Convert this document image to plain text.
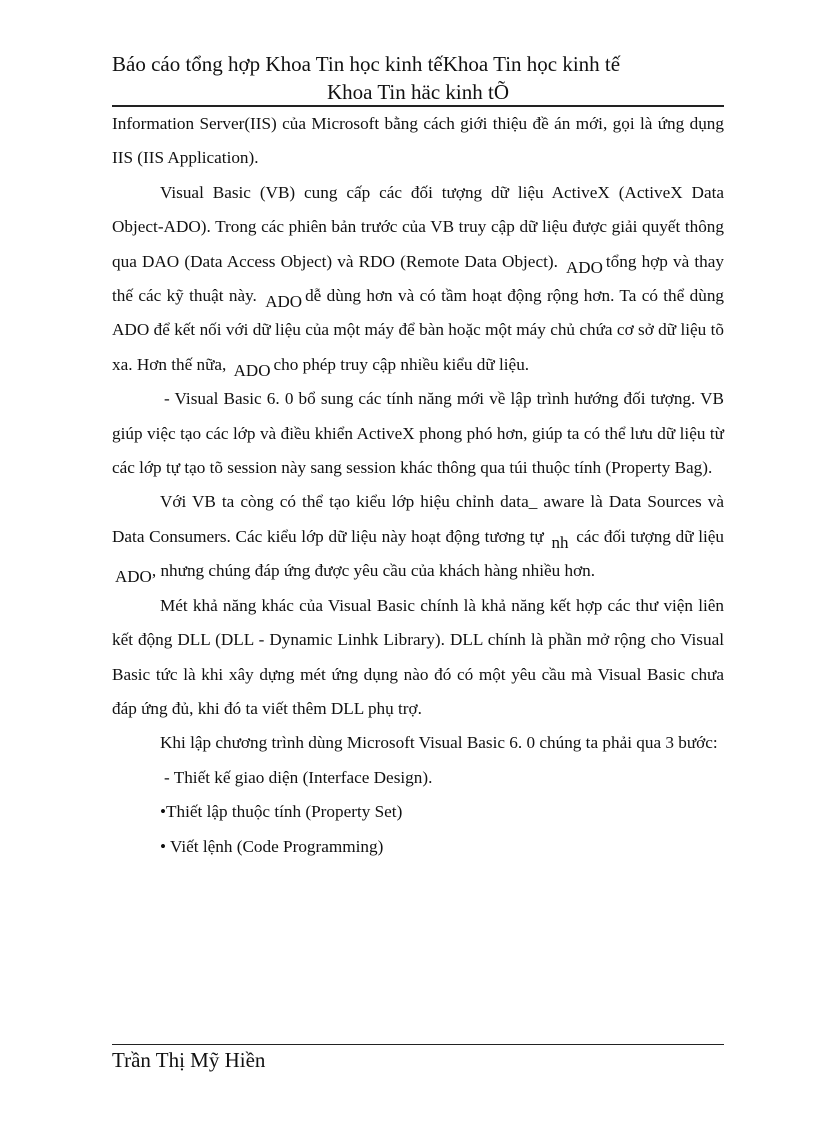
Báo cáo tổng hợp Khoa Tin học kinh tếKhoa Tin học kinh tế
Khoa Tin häc kinh tÕ

Information Server(IIS) của Microsoft bằng cách giới thiệu đề án mới, gọi là ứng dụng IIS (IIS Application).

Visual Basic (VB) cung cấp các đối tượng dữ liệu ActiveX (ActiveX Data Object-ADO). Trong các phiên bản trước của VB truy cập dữ liệu được giải quyết thông qua DAO (Data Access Object) và RDO (Remote Data Object). ADO tổng hợp và thay thế các kỹ thuật này. ADO dễ dùng hơn và có tầm hoạt động rộng hơn. Ta có thể dùng ADO để kết nối với dữ liệu của một máy để bàn hoặc một máy chủ chứa cơ sở dữ liệu tõ xa. Hơn thế nữa, ADO cho phép truy cập nhiều kiểu dữ liệu.

- Visual Basic 6. 0 bổ sung các tính năng mới về lập trình hướng đối tượng. VB giúp việc tạo các lớp và điều khiển ActiveX phong phó hơn, giúp ta có thể lưu dữ liệu từ các lớp tự tạo tõ session này sang session khác thông qua túi thuộc tính (Property Bag).

Với VB ta còng có thể tạo kiểu lớp hiệu chỉnh data_ aware là Data Sources và Data Consumers. Các kiểu lớp dữ liệu này hoạt động tương tự nh các đối tượng dữ liệu ADO, nhưng chúng đáp ứng được yêu cầu của khách hàng nhiều hơn.

Mét khả năng khác của Visual Basic chính là khả năng kết hợp các thư viện liên kết động DLL (DLL - Dynamic Linhk Library). DLL chính là phần mở rộng cho Visual Basic tức là khi xây dựng mét ứng dụng nào đó có một yêu cầu mà Visual Basic chưa đáp ứng đủ, khi đó ta viết thêm DLL phụ trợ.

Khi lập chương trình dùng Microsoft Visual Basic 6. 0 chúng ta phải qua 3 bước:

- Thiết kế giao diện (Interface Design).

•Thiết lập thuộc tính (Property Set)

• Viết lệnh (Code Programming)

Trần Thị Mỹ Hiền
